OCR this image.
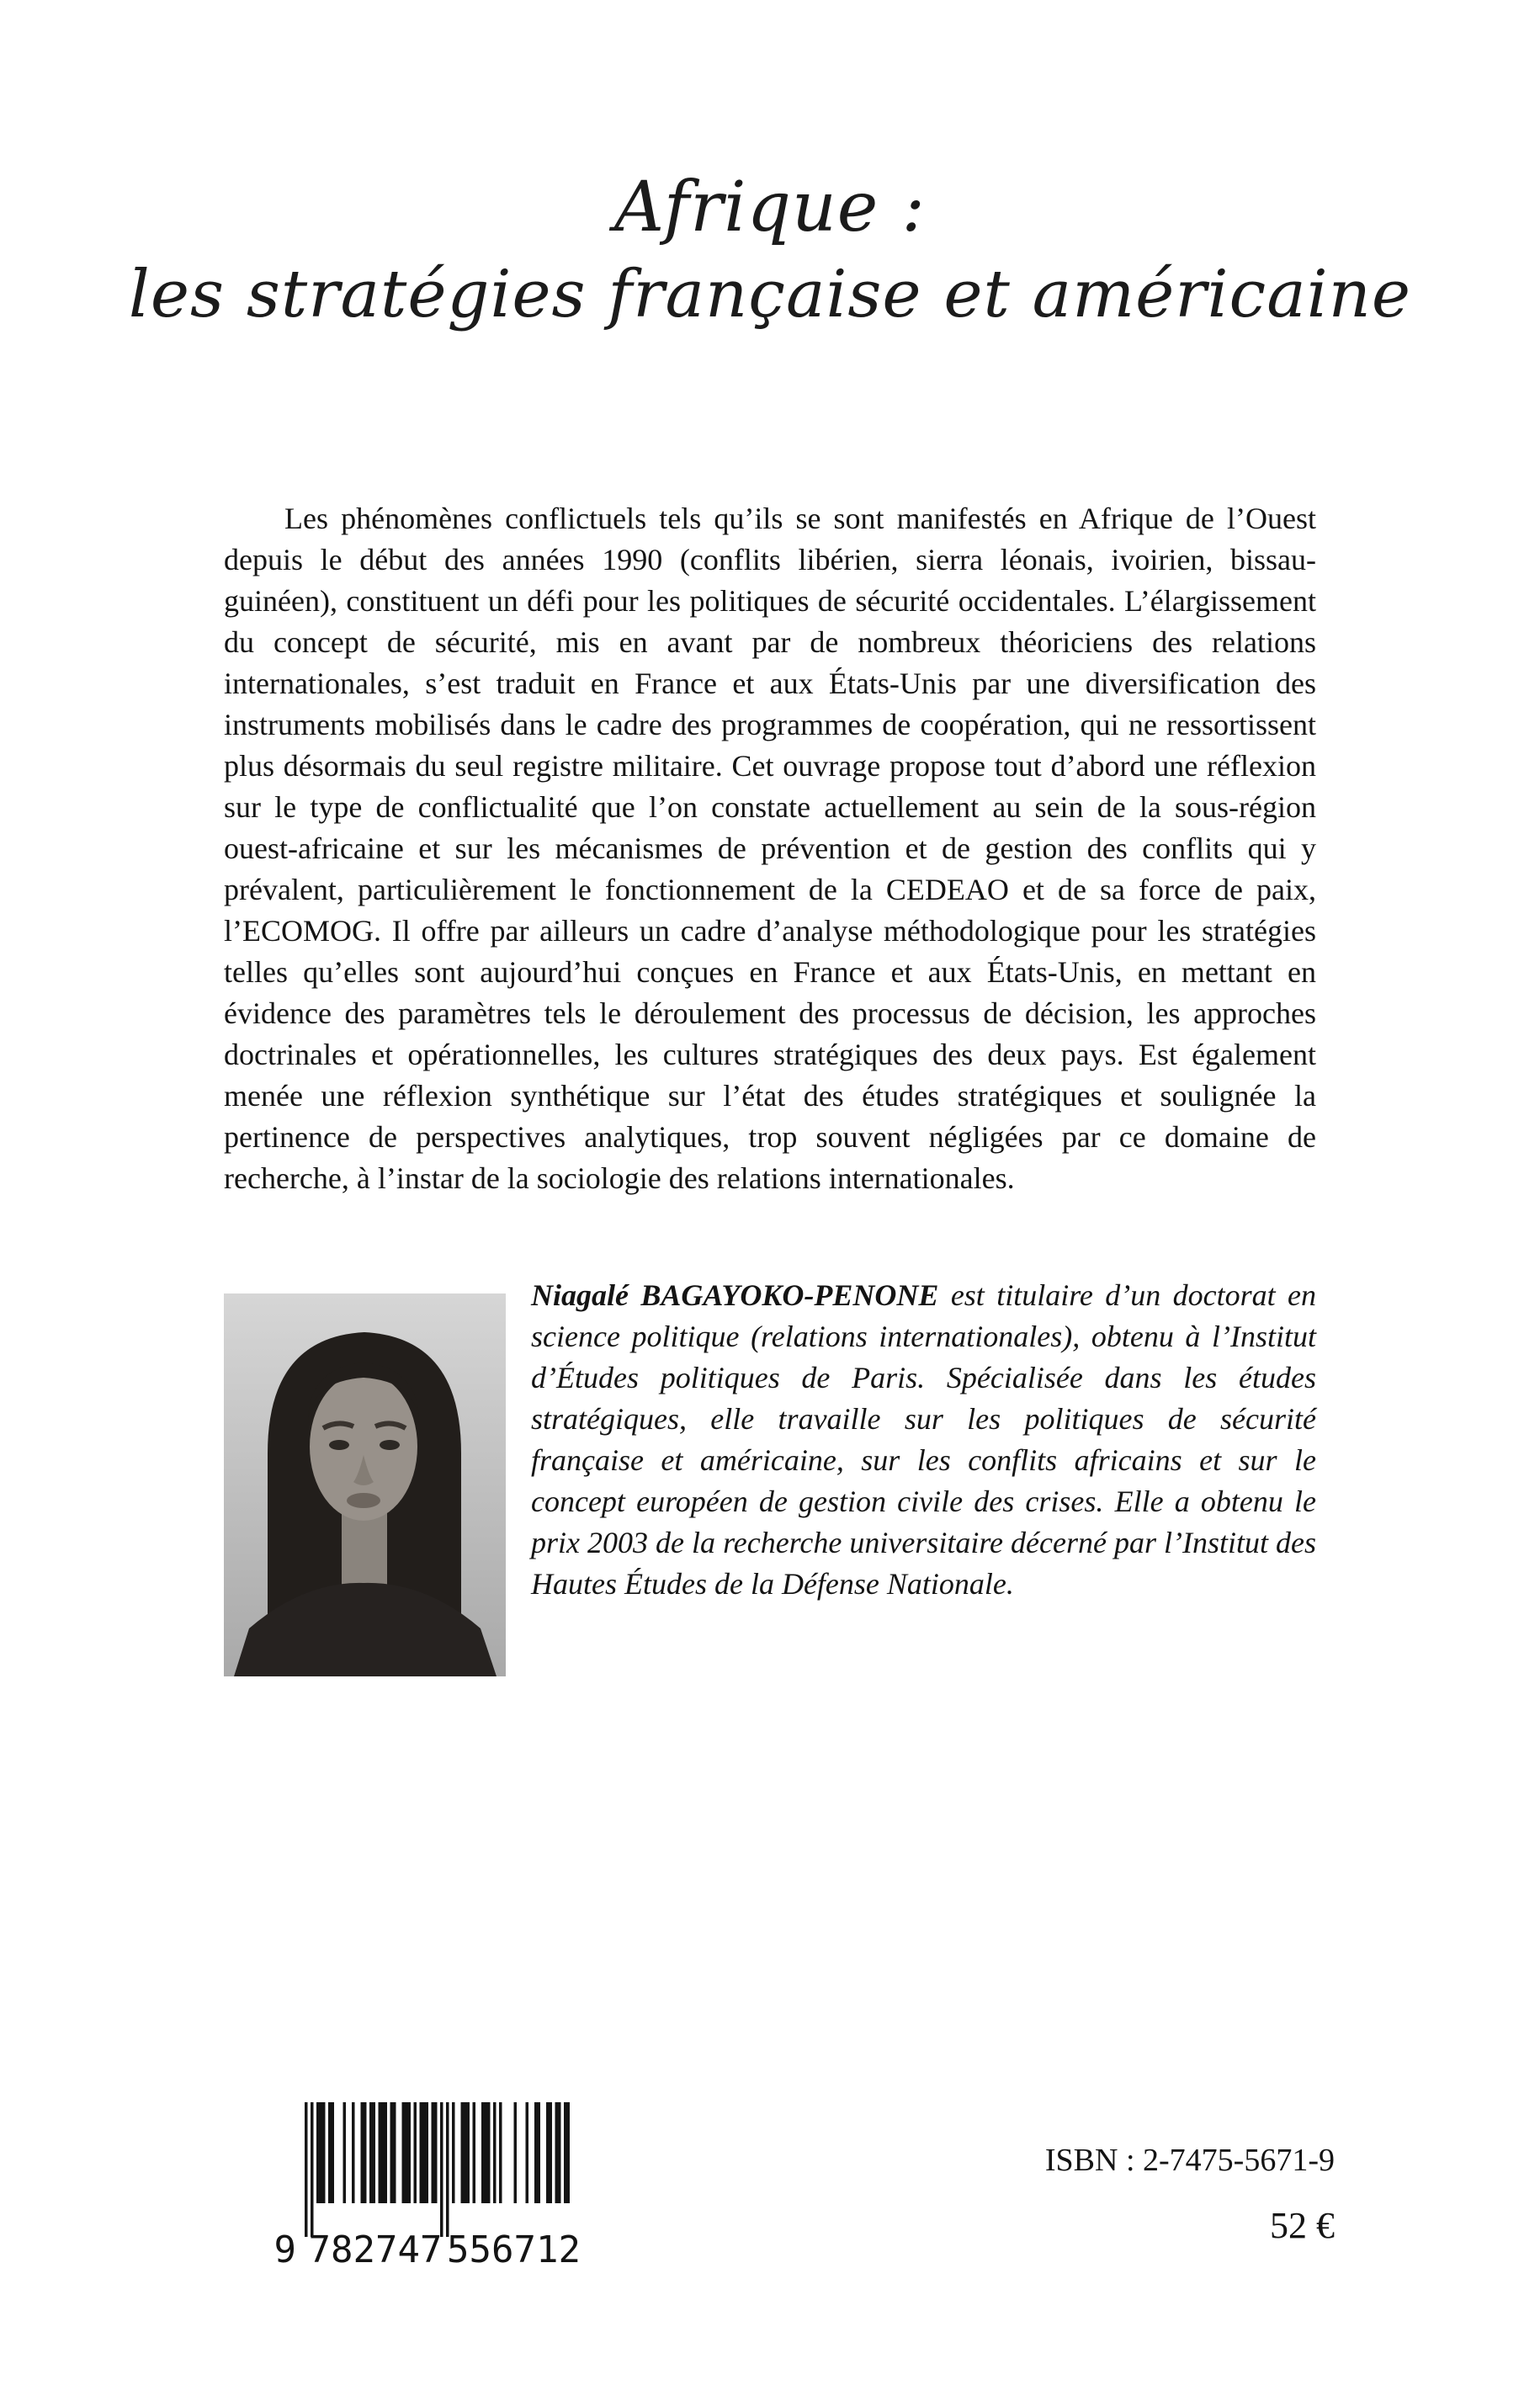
Afrique :
les stratégies française et américaine

Les phénomènes conflictuels tels qu’ils se sont manifestés en Afrique de l’Ouest depuis le début des années 1990 (conflits libérien, sierra léonais, ivoirien, bissau-guinéen), constituent un défi pour les politiques de sécurité occidentales. L’élargissement du concept de sécurité, mis en avant par de nombreux théoriciens des relations internationales, s’est traduit en France et aux États-Unis par une diversification des instruments mobilisés dans le cadre des programmes de coopération, qui ne ressortissent plus désormais du seul registre militaire. Cet ouvrage propose tout d’abord une réflexion sur le type de conflictualité que l’on constate actuellement au sein de la sous-région ouest-africaine et sur les mécanismes de prévention et de gestion des conflits qui y prévalent, particulièrement le fonctionnement de la CEDEAO et de sa force de paix, l’ECOMOG. Il offre par ailleurs un cadre d’analyse méthodologique pour les stratégies telles qu’elles sont aujourd’hui conçues en France et aux États-Unis, en mettant en évidence des paramètres tels le déroulement des processus de décision, les approches doctrinales et opérationnelles, les cultures stratégiques des deux pays. Est également menée une réflexion synthétique sur l’état des études stratégiques et soulignée la pertinence de perspectives analytiques, trop souvent négligées par ce domaine de recherche, à l’instar de la sociologie des relations internationales.

Niagalé BAGAYOKO-PENONE est titulaire d’un doctorat en science politique (relations internationales), obtenu à l’Institut d’Études politiques de Paris. Spécialisée dans les études stratégiques, elle travaille sur les politiques de sécurité française et américaine, sur les conflits africains et sur le concept européen de gestion civile des crises. Elle a obtenu le prix 2003 de la recherche universitaire décerné par l’Institut des Hautes Études de la Défense Nationale.

9 782747 556712
ISBN : 2-7475-5671-9
52 €
